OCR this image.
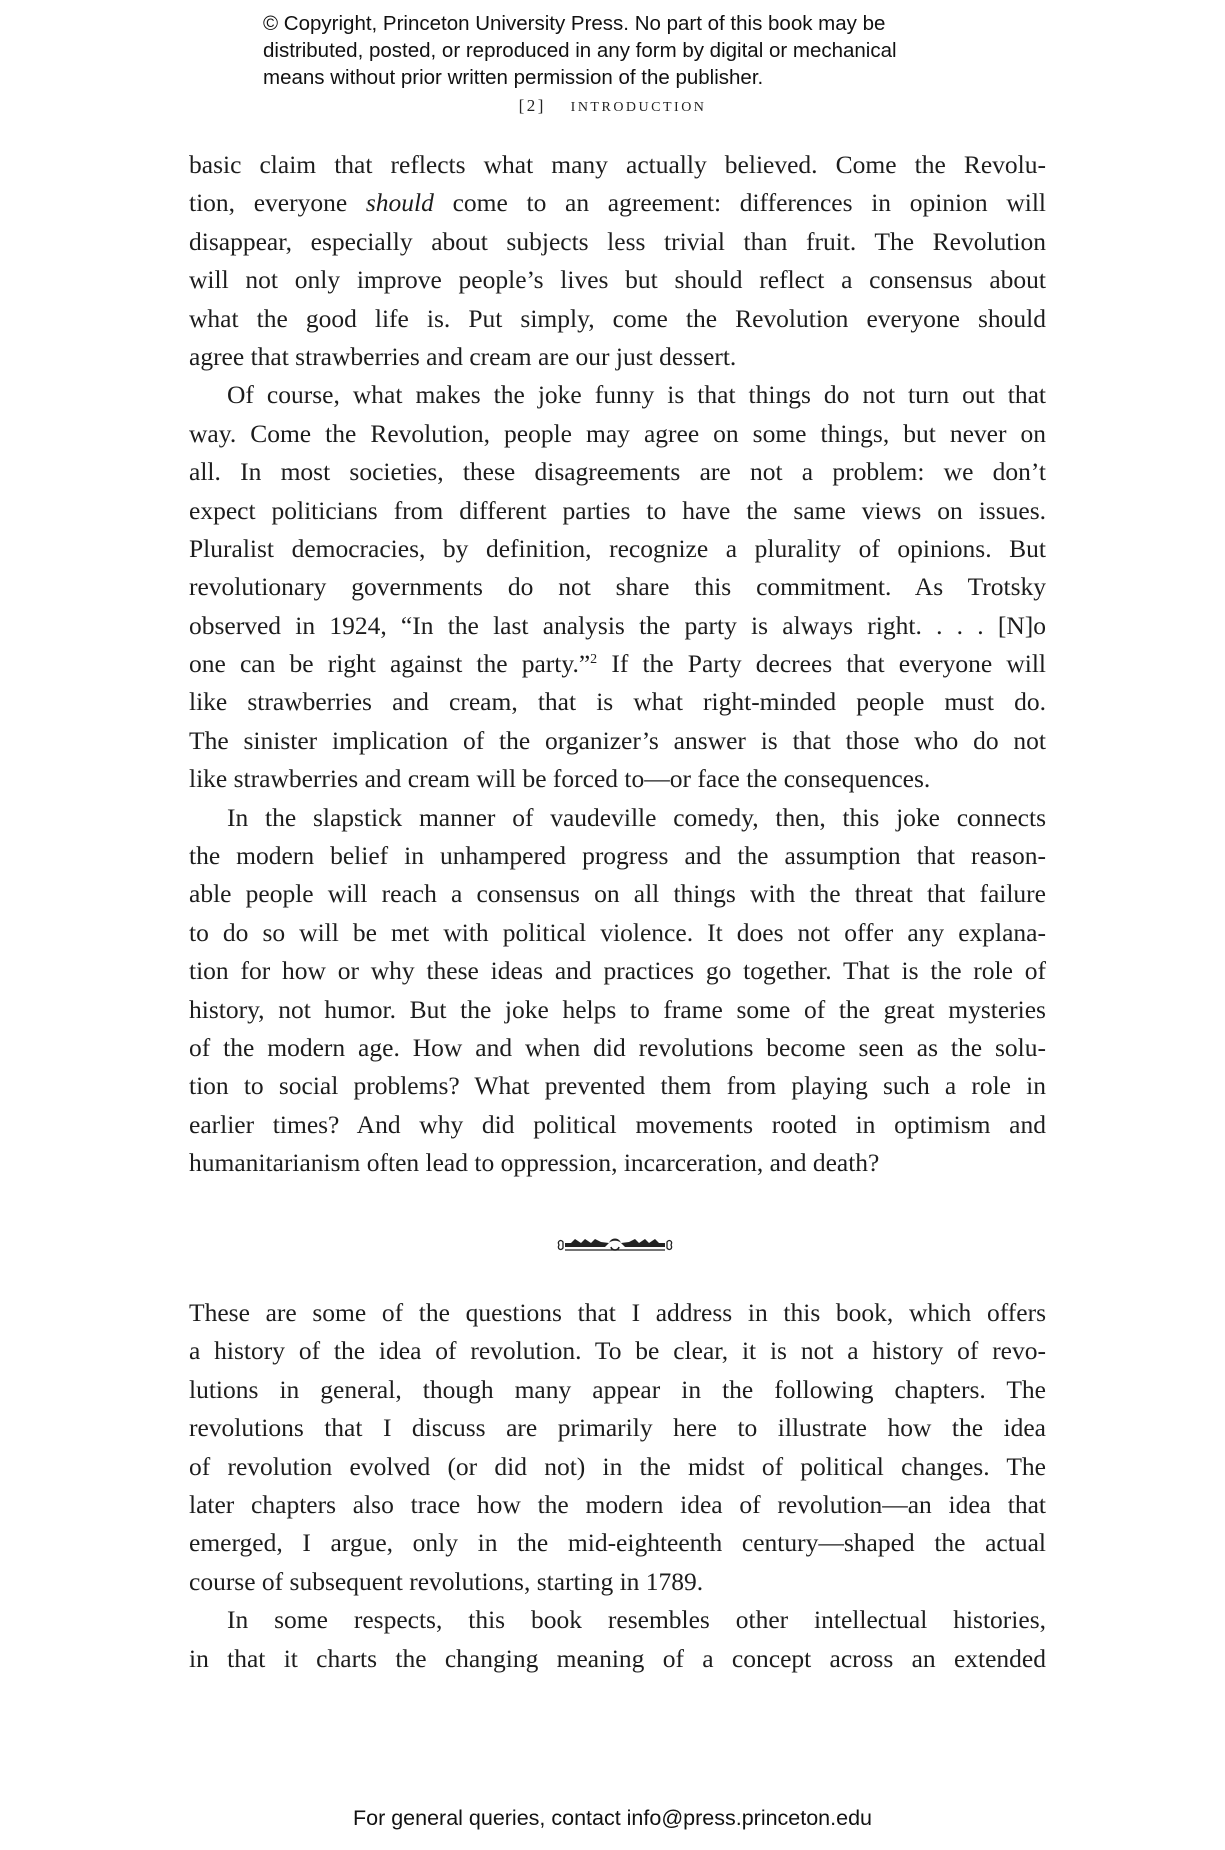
© Copyright, Princeton University Press. No part of this book may be
distributed, posted, or reproduced in any form by digital or mechanical
means without prior written permission of the publisher.
[2] introduction
basic claim that reflects what many actually believed. Come the Revolu-
tion, everyone should come to an agreement: differences in opinion will
disappear, especially about subjects less trivial than fruit. The Revolution
will not only improve people’s lives but should reflect a consensus about
what the good life is. Put simply, come the Revolution everyone should
agree that strawberries and cream are our just dessert.
Of course, what makes the joke funny is that things do not turn out that
way. Come the Revolution, people may agree on some things, but never on
all. In most societies, these disagreements are not a problem: we don’t
expect politicians from different parties to have the same views on issues.
Pluralist democracies, by definition, recognize a plurality of opinions. But
revolutionary governments do not share this commitment. As Trotsky
observed in 1924, “In the last analysis the party is always right. . . . [N]o
one can be right against the party.”$^2$ If the Party decrees that everyone will
like strawberries and cream, that is what right-minded people must do.
The sinister implication of the organizer’s answer is that those who do not
like strawberries and cream will be forced to—or face the consequences.
In the slapstick manner of vaudeville comedy, then, this joke connects
the modern belief in unhampered progress and the assumption that reason-
able people will reach a consensus on all things with the threat that failure
to do so will be met with political violence. It does not offer any explana-
tion for how or why these ideas and practices go together. That is the role of
history, not humor. But the joke helps to frame some of the great mysteries
of the modern age. How and when did revolutions become seen as the solu-
tion to social problems? What prevented them from playing such a role in
earlier times? And why did political movements rooted in optimism and
humanitarianism often lead to oppression, incarceration, and death?
These are some of the questions that I address in this book, which offers
a history of the idea of revolution. To be clear, it is not a history of revo-
lutions in general, though many appear in the following chapters. The
revolutions that I discuss are primarily here to illustrate how the idea
of revolution evolved (or did not) in the midst of political changes. The
later chapters also trace how the modern idea of revolution—an idea that
emerged, I argue, only in the mid-eighteenth century—shaped the actual
course of subsequent revolutions, starting in 1789.
In some respects, this book resembles other intellectual histories,
in that it charts the changing meaning of a concept across an extended
For general queries, contact info@press.princeton.edu
